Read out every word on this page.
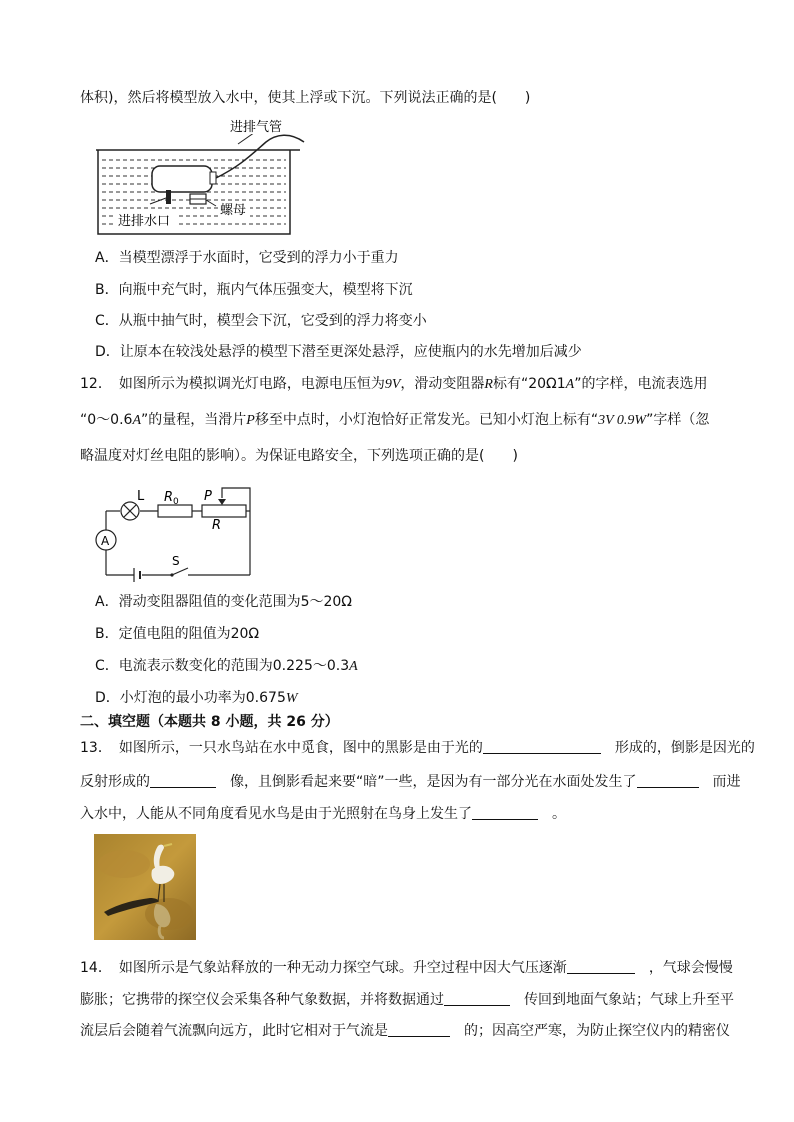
体积)，然后将模型放入水中，使其上浮或下沉。下列说法正确的是(　　)
进排气管
进排水口
螺母
A．当模型漂浮于水面时，它受到的浮力小于重力
B．向瓶中充气时，瓶内气体压强变大，模型将下沉
C．从瓶中抽气时，模型会下沉，它受到的浮力将变小
D．让原本在较浅处悬浮的模型下潜至更深处悬浮，应使瓶内的水先增加后减少
12．　如图所示为模拟调光灯电路，电源电压恒为9V，滑动变阻器R标有“20Ω1A”的字样，电流表选用
“0～0.6A”的量程，当滑片P移至中点时，小灯泡恰好正常发光。已知小灯泡上标有“3V 0.9W”字样（忽
略温度对灯丝电阻的影响）。为保证电路安全，下列选项正确的是(　　)
L R 0 P
R
A
S
A．滑动变阻器阻值的变化范围为5～20Ω
B．定值电阻的阻值为20Ω
C．电流表示数变化的范围为0.225～0.3A
D．小灯泡的最小功率为0.675W
二、填空题（本题共 8 小题，共 26 分）
13．　如图所示，一只水鸟站在水中觅食，图中的黑影是由于光的　	形成的，倒影是因光的
反射形成的　	像，且倒影看起来要“暗”一些，是因为有一部分光在水面处发生了　	而进
入水中，人能从不同角度看见水鸟是由于光照射在鸟身上发生了　	。
14．　如图所示是气象站释放的一种无动力探空气球。升空过程中因大气压逐渐　	，气球会慢慢
膨胀；它携带的探空仪会采集各种气象数据，并将数据通过　	传回到地面气象站；气球上升至平
流层后会随着气流飘向远方，此时它相对于气流是　	的；因高空严寒，为防止探空仪内的精密仪
